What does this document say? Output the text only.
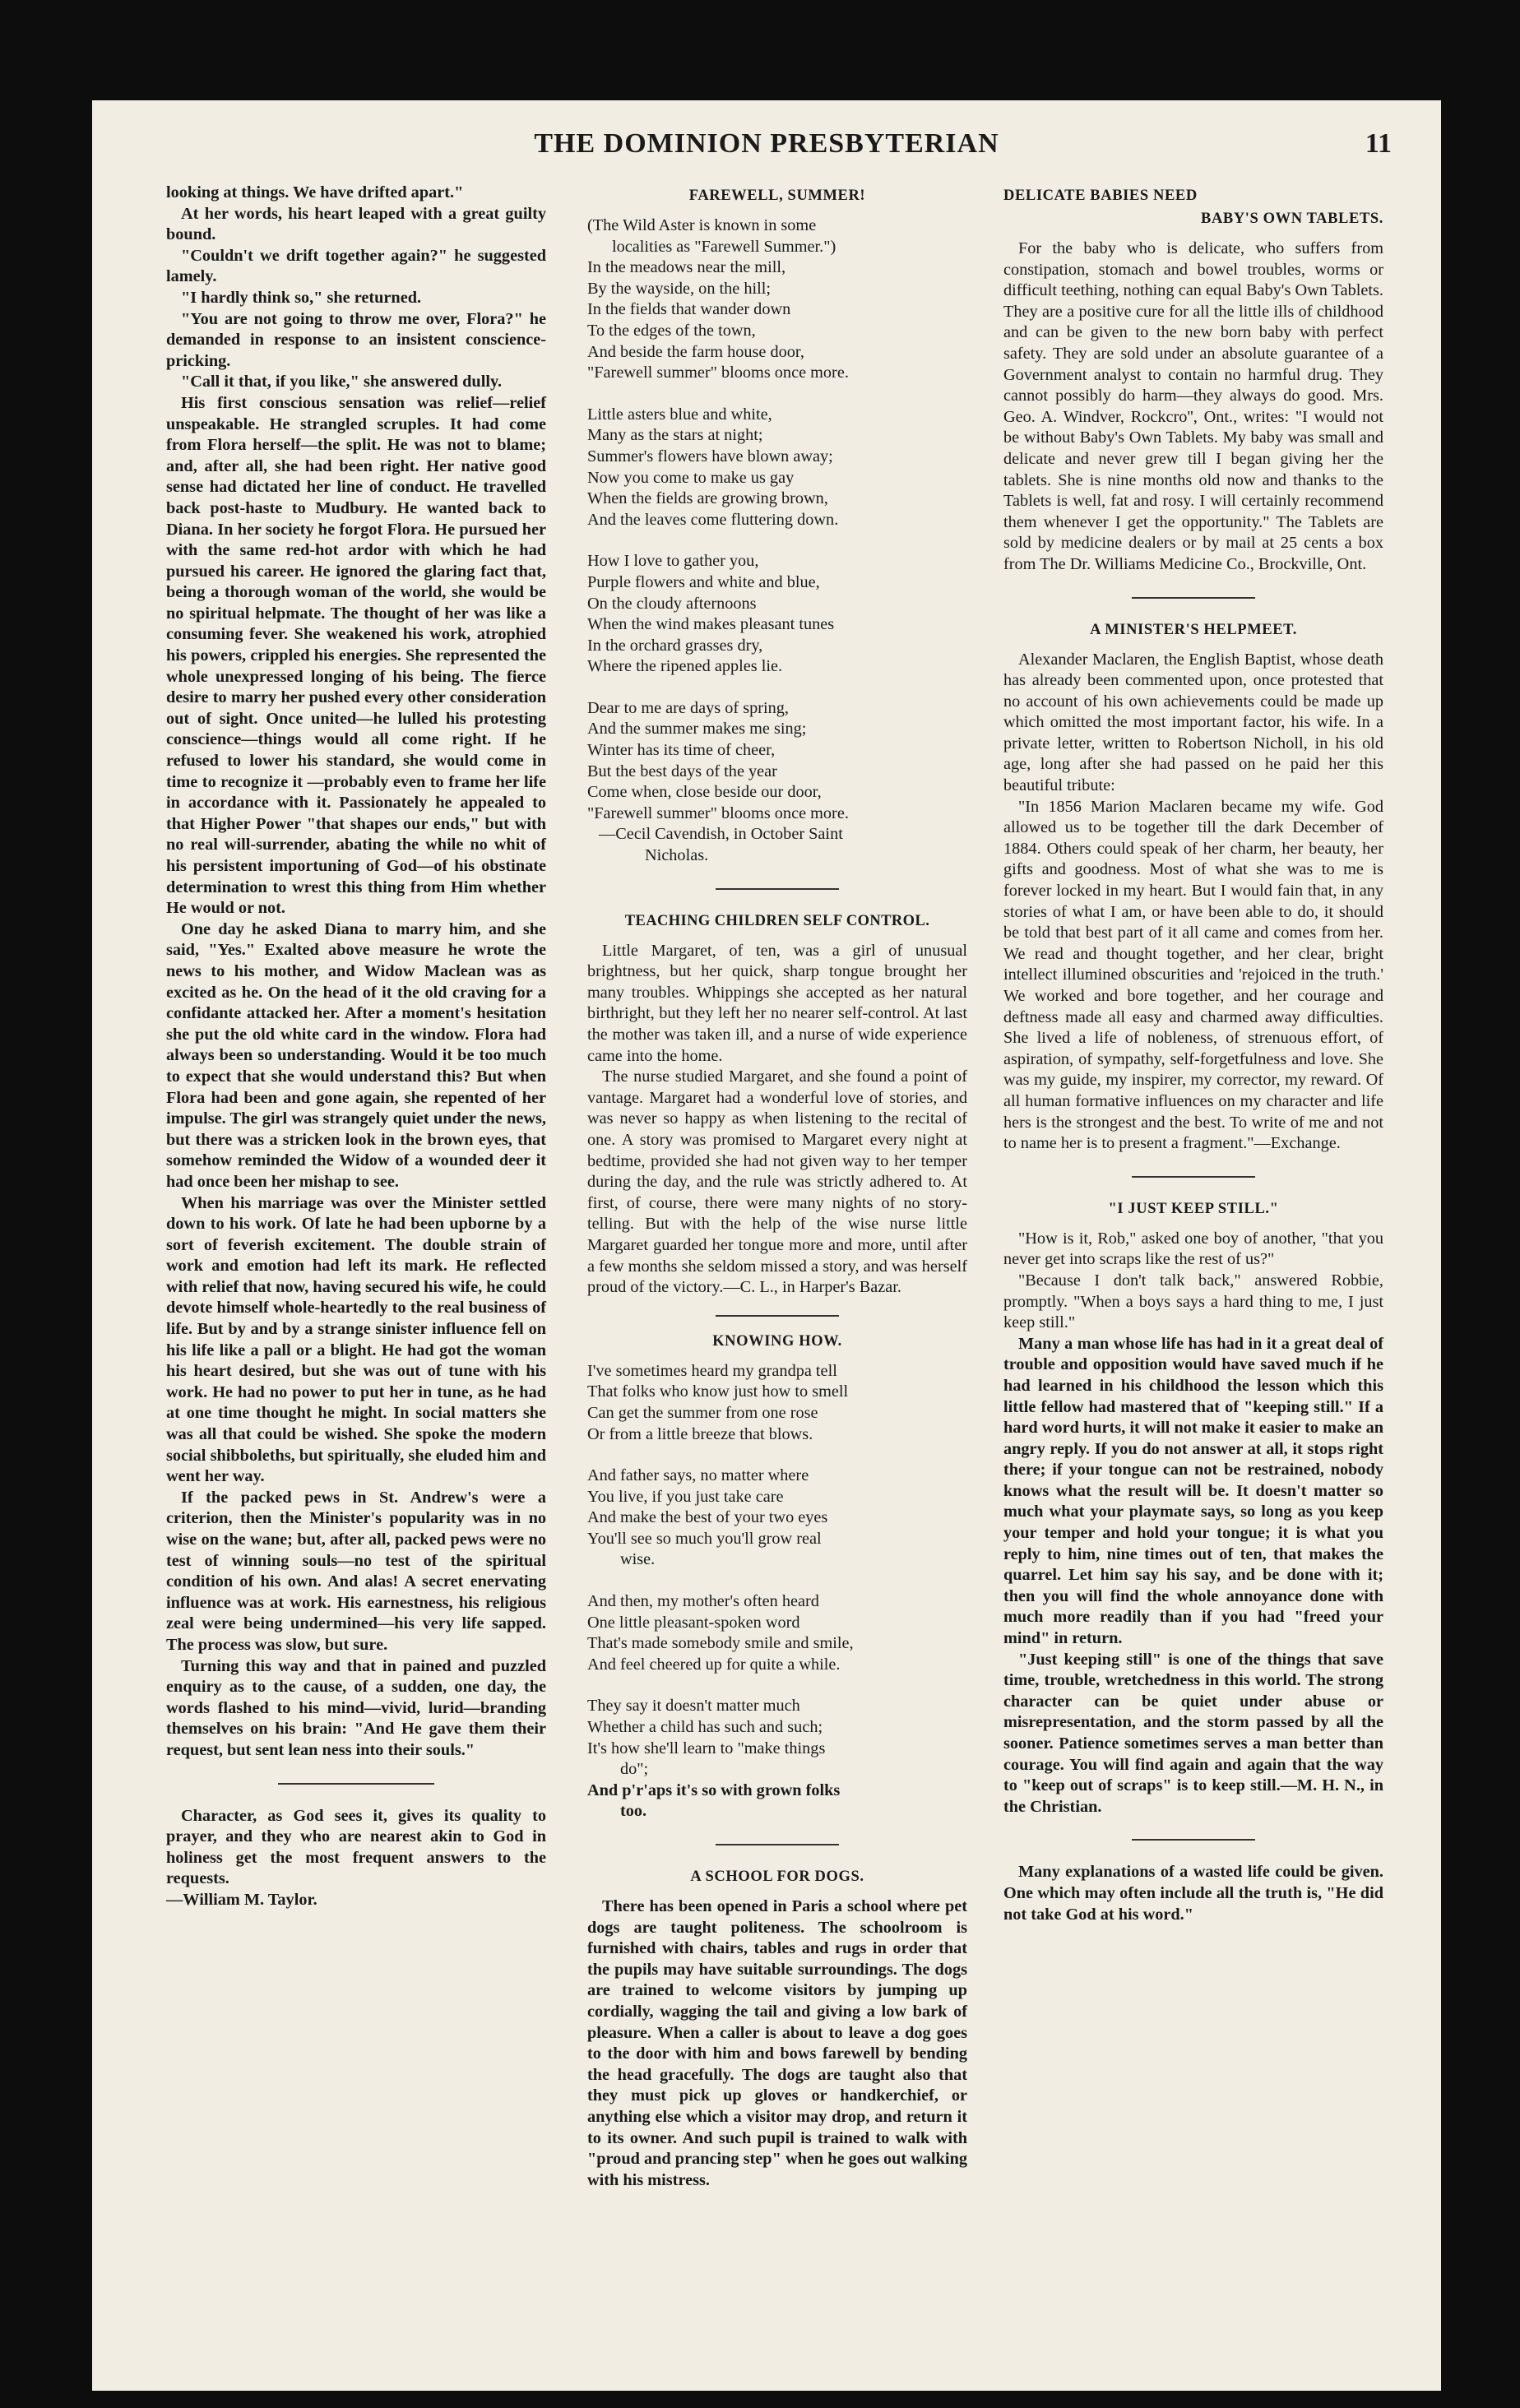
THE DOMINION PRESBYTERIAN	11

looking at things. We have drifted apart."

At her words, his heart leaped with a great guilty bound.

"Couldn't we drift together again?" he suggested lamely.

"I hardly think so," she returned.

"You are not going to throw me over, Flora?" he demanded in response to an insistent conscience-pricking.

"Call it that, if you like," she answered dully.

His first conscious sensation was relief—relief unspeakable. He strangled scruples. It had come from Flora herself—the split. He was not to blame; and, after all, she had been right. Her native good sense had dictated her line of conduct. He travelled back post-haste to Mudbury. He wanted back to Diana. In her society he forgot Flora. He pursued her with the same red-hot ardor with which he had pursued his career. He ignored the glaring fact that, being a thorough woman of the world, she would be no spiritual helpmate. The thought of her was like a consuming fever. She weakened his work, atrophied his powers, crippled his energies. She represented the whole unexpressed longing of his being. The fierce desire to marry her pushed every other consideration out of sight. Once united—he lulled his protesting conscience—things would all come right. If he refused to lower his standard, she would come in time to recognize it —probably even to frame her life in accordance with it. Passionately he appealed to that Higher Power "that shapes our ends," but with no real will-surrender, abating the while no whit of his persistent importuning of God—of his obstinate determination to wrest this thing from Him whether He would or not.

One day he asked Diana to marry him, and she said, "Yes." Exalted above measure he wrote the news to his mother, and Widow Maclean was as excited as he. On the head of it the old craving for a confidante attacked her. After a moment's hesitation she put the old white card in the window. Flora had always been so understanding. Would it be too much to expect that she would understand this? But when Flora had been and gone again, she repented of her impulse. The girl was strangely quiet under the news, but there was a stricken look in the brown eyes, that somehow reminded the Widow of a wounded deer it had once been her mishap to see.

When his marriage was over the Minister settled down to his work. Of late he had been upborne by a sort of feverish excitement. The double strain of work and emotion had left its mark. He reflected with relief that now, having secured his wife, he could devote himself whole-heartedly to the real business of life. But by and by a strange sinister influence fell on his life like a pall or a blight. He had got the woman his heart desired, but she was out of tune with his work. He had no power to put her in tune, as he had at one time thought he might. In social matters she was all that could be wished. She spoke the modern social shibboleths, but spiritually, she eluded him and went her way.

If the packed pews in St. Andrew's were a criterion, then the Minister's popularity was in no wise on the wane; but, after all, packed pews were no test of winning souls—no test of the spiritual condition of his own. And alas! A secret enervating influence was at work. His earnestness, his religious zeal were being undermined—his very life sapped. The process was slow, but sure.

Turning this way and that in pained and puzzled enquiry as to the cause, of a sudden, one day, the words flashed to his mind—vivid, lurid—branding themselves on his brain: "And He gave them their request, but sent lean ness into their souls."

Character, as God sees it, gives its quality to prayer, and they who are nearest akin to God in holiness get the most frequent answers to the requests.

—William M. Taylor.

FAREWELL, SUMMER!

(The Wild Aster is known in some

localities as "Farewell Summer.")

In the meadows near the mill,

By the wayside, on the hill;

In the fields that wander down

To the edges of the town,

And beside the farm house door,

"Farewell summer" blooms once more.

Little asters blue and white,

Many as the stars at night;

Summer's flowers have blown away;

Now you come to make us gay

When the fields are growing brown,

And the leaves come fluttering down.

How I love to gather you,

Purple flowers and white and blue,

On the cloudy afternoons

When the wind makes pleasant tunes

In the orchard grasses dry,

Where the ripened apples lie.

Dear to me are days of spring,

And the summer makes me sing;

Winter has its time of cheer,

But the best days of the year

Come when, close beside our door,

"Farewell summer" blooms once more.

—Cecil Cavendish, in October Saint

Nicholas.

TEACHING CHILDREN SELF CONTROL.

Little Margaret, of ten, was a girl of unusual brightness, but her quick, sharp tongue brought her many troubles. Whippings she accepted as her natural birthright, but they left her no nearer self-control. At last the mother was taken ill, and a nurse of wide experience came into the home.

The nurse studied Margaret, and she found a point of vantage. Margaret had a wonderful love of stories, and was never so happy as when listening to the recital of one. A story was promised to Margaret every night at bedtime, provided she had not given way to her temper during the day, and the rule was strictly adhered to. At first, of course, there were many nights of no story-telling. But with the help of the wise nurse little Margaret guarded her tongue more and more, until after a few months she seldom missed a story, and was herself proud of the victory.—C. L., in Harper's Bazar.

KNOWING HOW.

I've sometimes heard my grandpa tell

That folks who know just how to smell

Can get the summer from one rose

Or from a little breeze that blows.

And father says, no matter where

You live, if you just take care

And make the best of your two eyes

You'll see so much you'll grow real

wise.

And then, my mother's often heard

One little pleasant-spoken word

That's made somebody smile and smile,

And feel cheered up for quite a while.

They say it doesn't matter much

Whether a child has such and such;

It's how she'll learn to "make things

do";

And p'r'aps it's so with grown folks

too.

A SCHOOL FOR DOGS.

There has been opened in Paris a school where pet dogs are taught politeness. The schoolroom is furnished with chairs, tables and rugs in order that the pupils may have suitable surroundings. The dogs are trained to welcome visitors by jumping up cordially, wagging the tail and giving a low bark of pleasure. When a caller is about to leave a dog goes to the door with him and bows farewell by bending the head gracefully. The dogs are taught also that they must pick up gloves or handkerchief, or anything else which a visitor may drop, and return it to its owner. And such pupil is trained to walk with "proud and prancing step" when he goes out walking with his mistress.

DELICATE BABIES NEED
BABY'S OWN TABLETS.

For the baby who is delicate, who suffers from constipation, stomach and bowel troubles, worms or difficult teething, nothing can equal Baby's Own Tablets. They are a positive cure for all the little ills of childhood and can be given to the new born baby with perfect safety. They are sold under an absolute guarantee of a Government analyst to contain no harmful drug. They cannot possibly do harm—they always do good. Mrs. Geo. A. Windver, Rockcro'', Ont., writes: "I would not be without Baby's Own Tablets. My baby was small and delicate and never grew till I began giving her the tablets. She is nine months old now and thanks to the Tablets is well, fat and rosy. I will certainly recommend them whenever I get the opportunity." The Tablets are sold by medicine dealers or by mail at 25 cents a box from The Dr. Williams Medicine Co., Brockville, Ont.

A MINISTER'S HELPMEET.

Alexander Maclaren, the English Baptist, whose death has already been commented upon, once protested that no account of his own achievements could be made up which omitted the most important factor, his wife. In a private letter, written to Robertson Nicholl, in his old age, long after she had passed on he paid her this beautiful tribute:

"In 1856 Marion Maclaren became my wife. God allowed us to be together till the dark December of 1884. Others could speak of her charm, her beauty, her gifts and goodness. Most of what she was to me is forever locked in my heart. But I would fain that, in any stories of what I am, or have been able to do, it should be told that best part of it all came and comes from her. We read and thought together, and her clear, bright intellect illumined obscurities and 'rejoiced in the truth.' We worked and bore together, and her courage and deftness made all easy and charmed away difficulties. She lived a life of nobleness, of strenuous effort, of aspiration, of sympathy, self-forgetfulness and love. She was my guide, my inspirer, my corrector, my reward. Of all human formative influences on my character and life hers is the strongest and the best. To write of me and not to name her is to present a fragment."—Exchange.

"I JUST KEEP STILL."

"How is it, Rob," asked one boy of another, "that you never get into scraps like the rest of us?"

"Because I don't talk back," answered Robbie, promptly. "When a boys says a hard thing to me, I just keep still."

Many a man whose life has had in it a great deal of trouble and opposition would have saved much if he had learned in his childhood the lesson which this little fellow had mastered that of "keeping still." If a hard word hurts, it will not make it easier to make an angry reply. If you do not answer at all, it stops right there; if your tongue can not be restrained, nobody knows what the result will be. It doesn't matter so much what your playmate says, so long as you keep your temper and hold your tongue; it is what you reply to him, nine times out of ten, that makes the quarrel. Let him say his say, and be done with it; then you will find the whole annoyance done with much more readily than if you had "freed your mind" in return.

"Just keeping still" is one of the things that save time, trouble, wretchedness in this world. The strong character can be quiet under abuse or misrepresentation, and the storm passed by all the sooner. Patience sometimes serves a man better than courage. You will find again and again that the way to "keep out of scraps" is to keep still.—M. H. N., in the Christian.

Many explanations of a wasted life could be given. One which may often include all the truth is, "He did not take God at his word."
